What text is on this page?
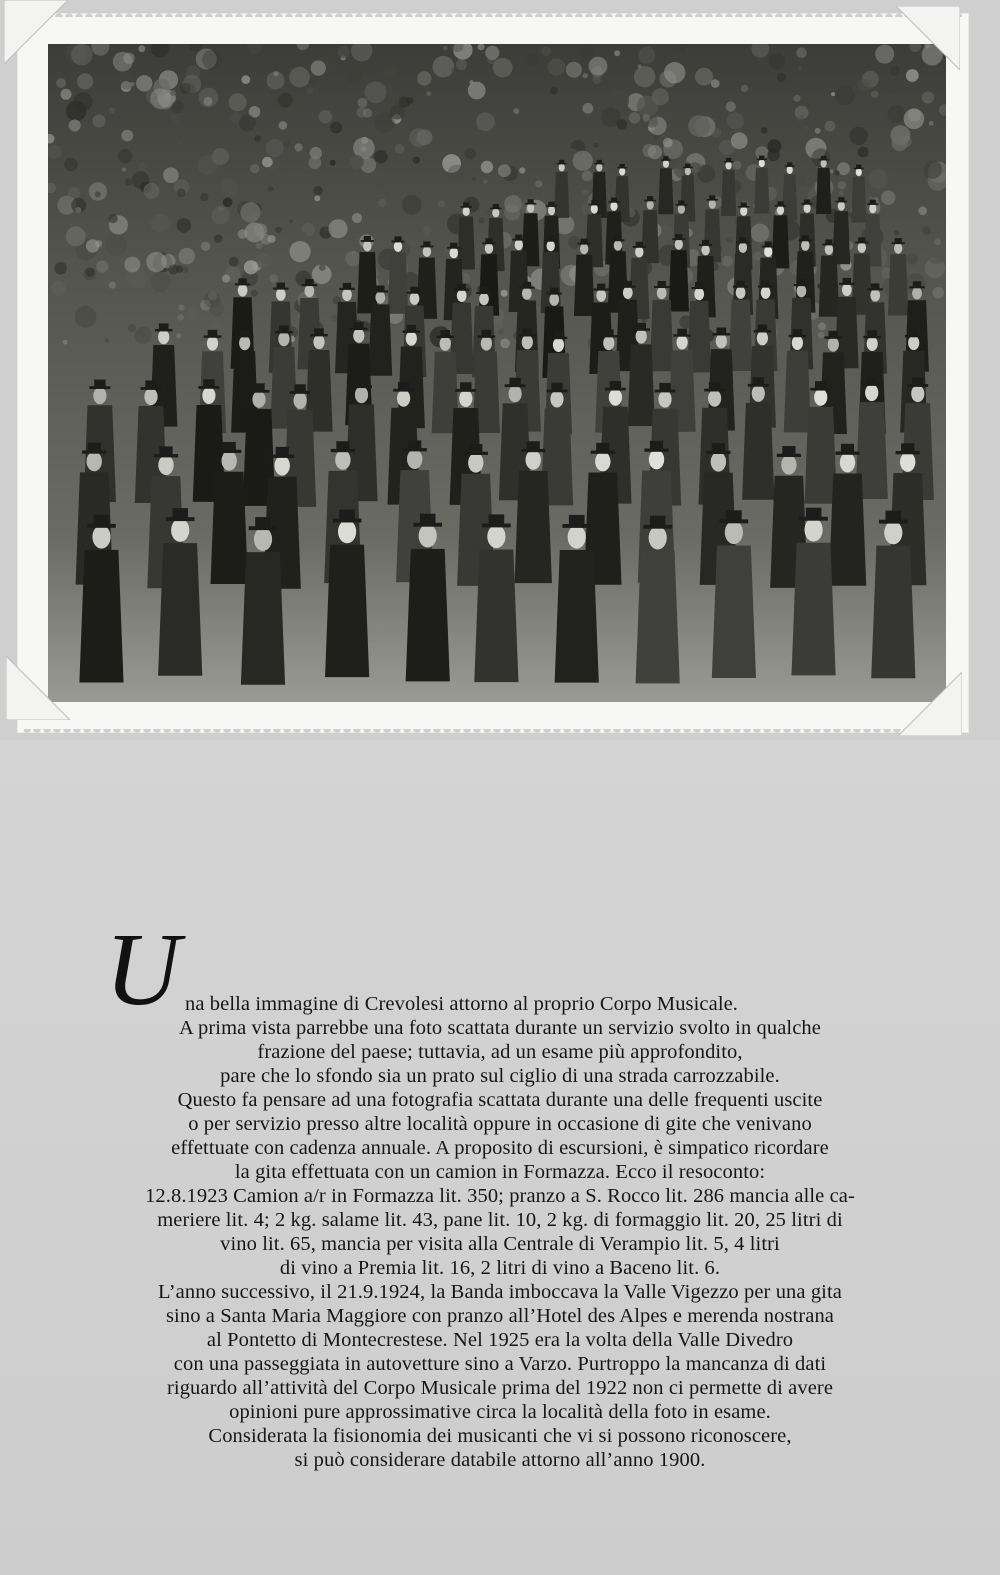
U na bella immagine di Crevolesi attorno al proprio Corpo Musicale.
A prima vista parrebbe una foto scattata durante un servizio svolto in qualche
frazione del paese; tuttavia, ad un esame più approfondito,
pare che lo sfondo sia un prato sul ciglio di una strada carrozzabile.
Questo fa pensare ad una fotografia scattata durante una delle frequenti uscite
o per servizio presso altre località oppure in occasione di gite che venivano
effettuate con cadenza annuale. A proposito di escursioni, è simpatico ricordare
la gita effettuata con un camion in Formazza. Ecco il resoconto:
12.8.1923 Camion a/r in Formazza lit. 350; pranzo a S. Rocco lit. 286 mancia alle ca-
meriere lit. 4; 2 kg. salame lit. 43, pane lit. 10, 2 kg. di formaggio lit. 20, 25 litri di
vino lit. 65, mancia per visita alla Centrale di Verampio lit. 5, 4 litri
di vino a Premia lit. 16, 2 litri di vino a Baceno lit. 6.
L’anno successivo, il 21.9.1924, la Banda imboccava la Valle Vigezzo per una gita
sino a Santa Maria Maggiore con pranzo all’Hotel des Alpes e merenda nostrana
al Pontetto di Montecrestese. Nel 1925 era la volta della Valle Divedro
con una passeggiata in autovetture sino a Varzo. Purtroppo la mancanza di dati
riguardo all’attività del Corpo Musicale prima del 1922 non ci permette di avere
opinioni pure approssimative circa la località della foto in esame.
Considerata la fisionomia dei musicanti che vi si possono riconoscere,
si può considerare databile attorno all’anno 1900.
